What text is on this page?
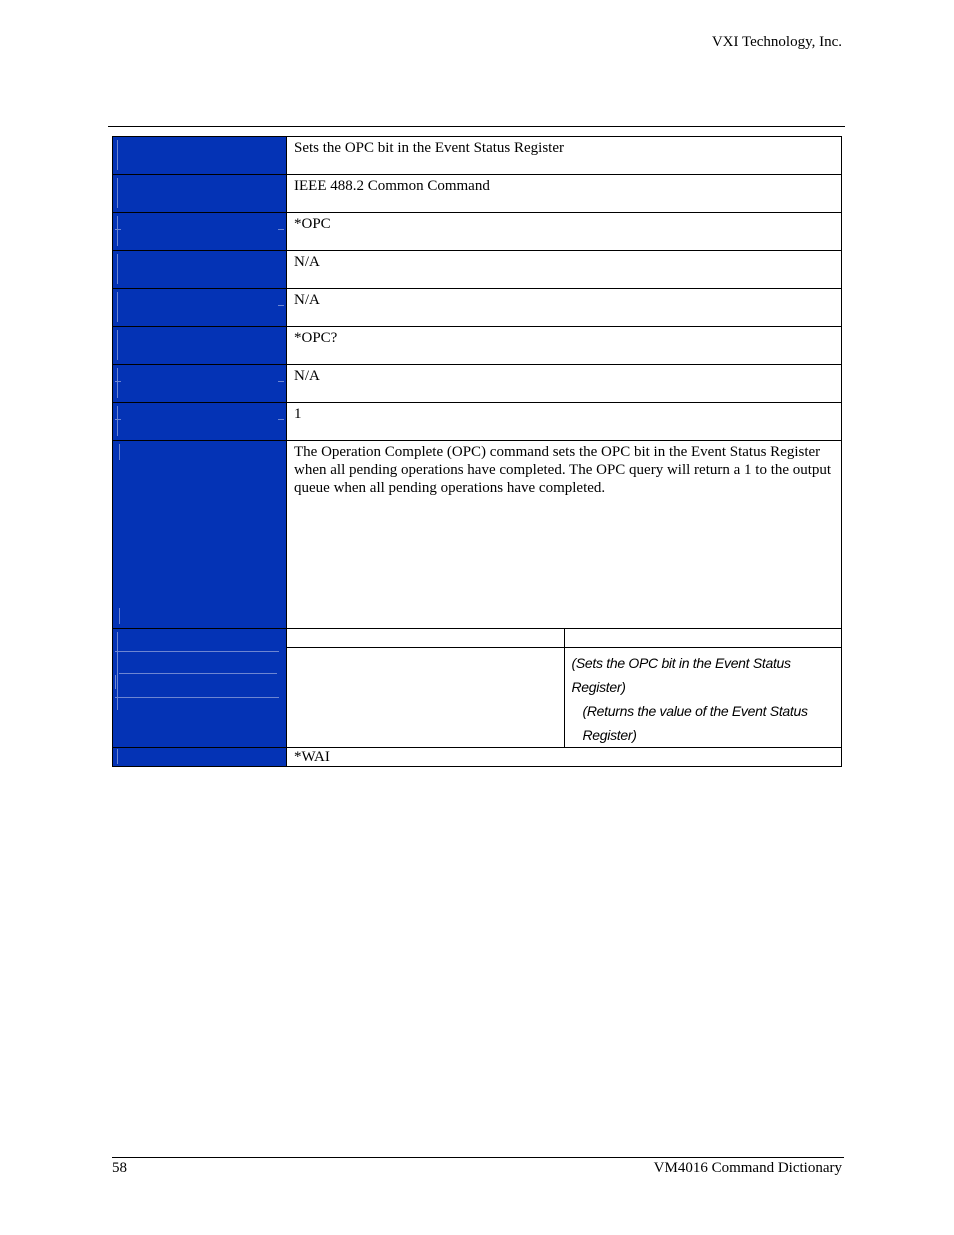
VXI Technology, Inc.
	Sets the OPC bit in the Event Status Register	

	IEEE 488.2 Common Command	

	*OPC	

	N/A	

	N/A	

	*OPC?	

	N/A	

	1	

	The Operation Complete (OPC) command sets the OPC bit in the Event Status Register when all pending operations have completed. The OPC query will return a 1 to the output queue when all pending operations have completed.	

		(Sets the OPC bit in the Event Status Register)
(Returns the value of the Event Status Register)

	*WAI	
58	VM4016 Command Dictionary
